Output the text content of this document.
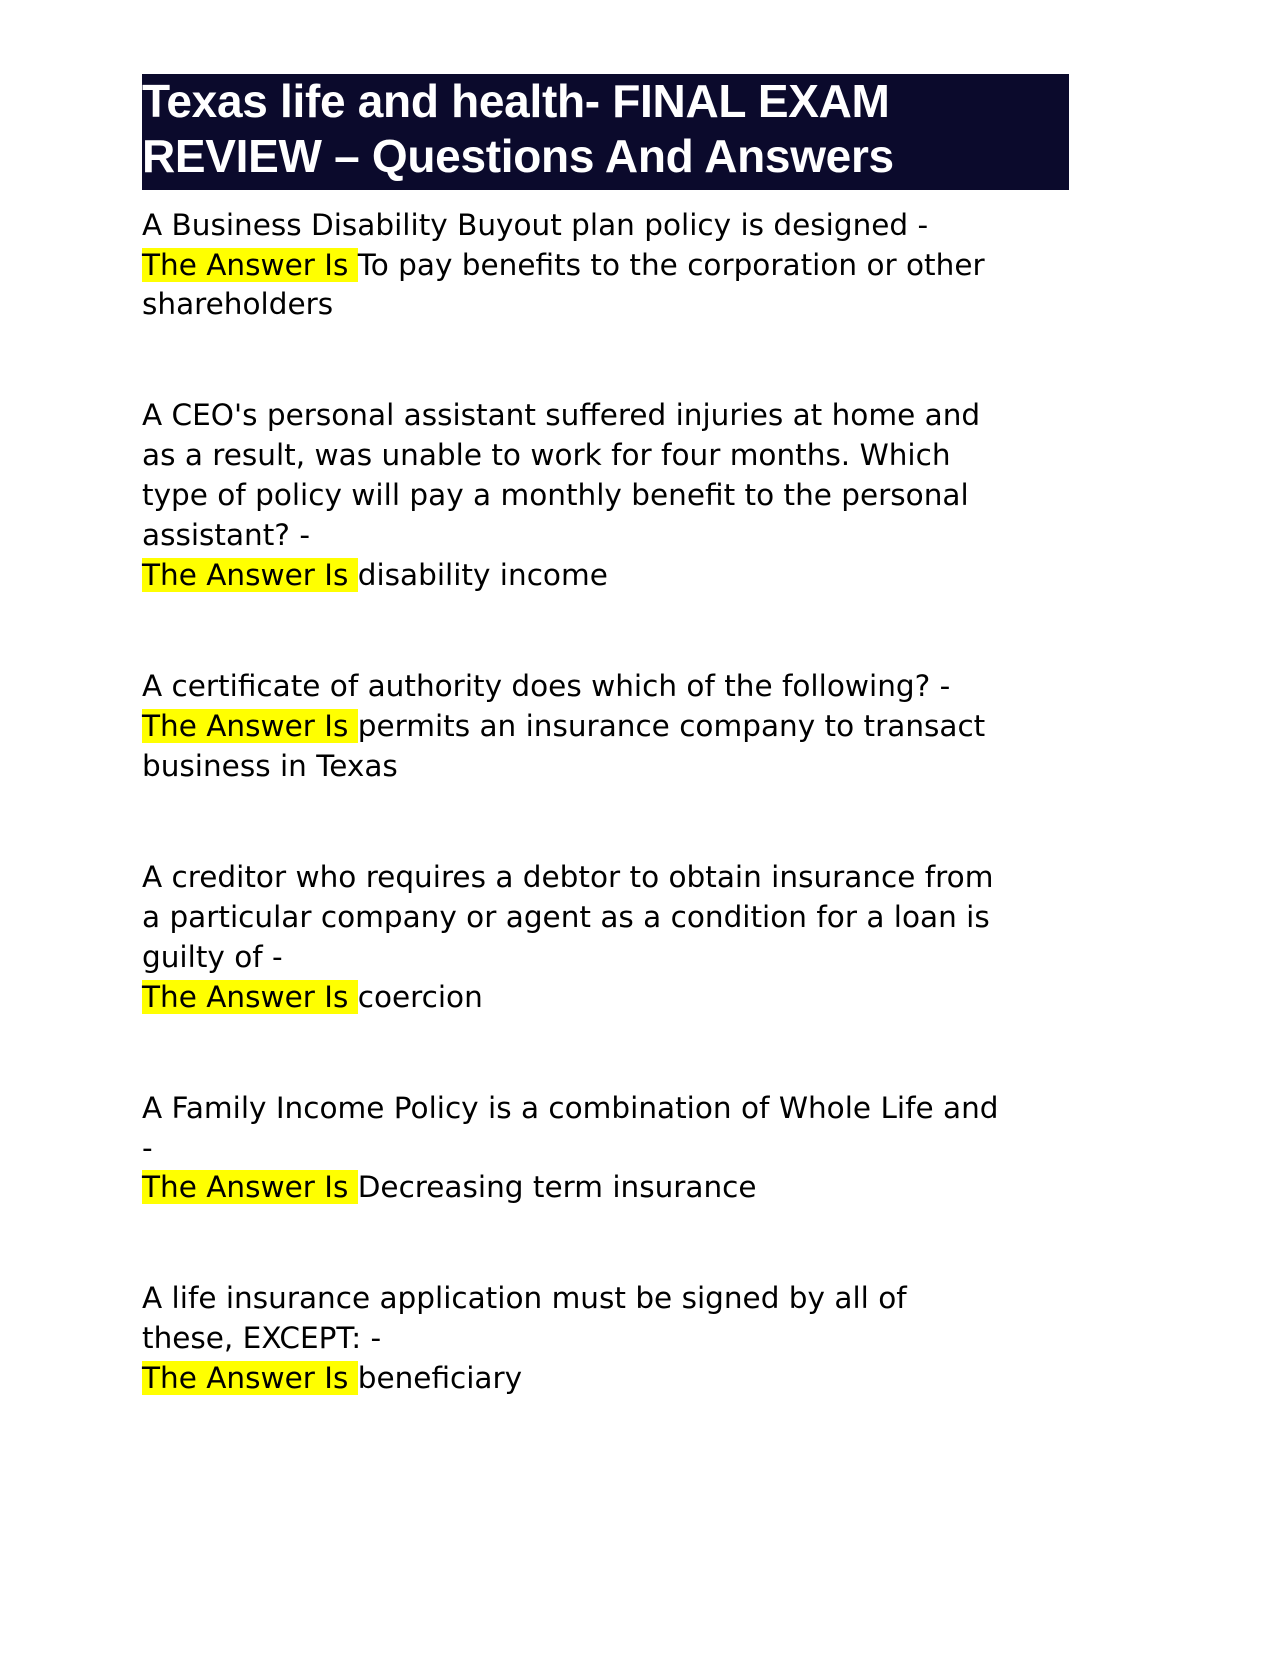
Texas life and health- FINAL EXAM
REVIEW – Questions And Answers
A Business Disability Buyout plan policy is designed -
The Answer Is To pay benefits to the corporation or other
shareholders
A CEO's personal assistant suffered injuries at home and
as a result, was unable to work for four months. Which
type of policy will pay a monthly benefit to the personal
assistant? -
The Answer Is disability income
A certificate of authority does which of the following? -
The Answer Is permits an insurance company to transact
business in Texas
A creditor who requires a debtor to obtain insurance from
a particular company or agent as a condition for a loan is
guilty of -
The Answer Is coercion
A Family Income Policy is a combination of Whole Life and
-
The Answer Is Decreasing term insurance
A life insurance application must be signed by all of
these, EXCEPT: -
The Answer Is beneficiary
